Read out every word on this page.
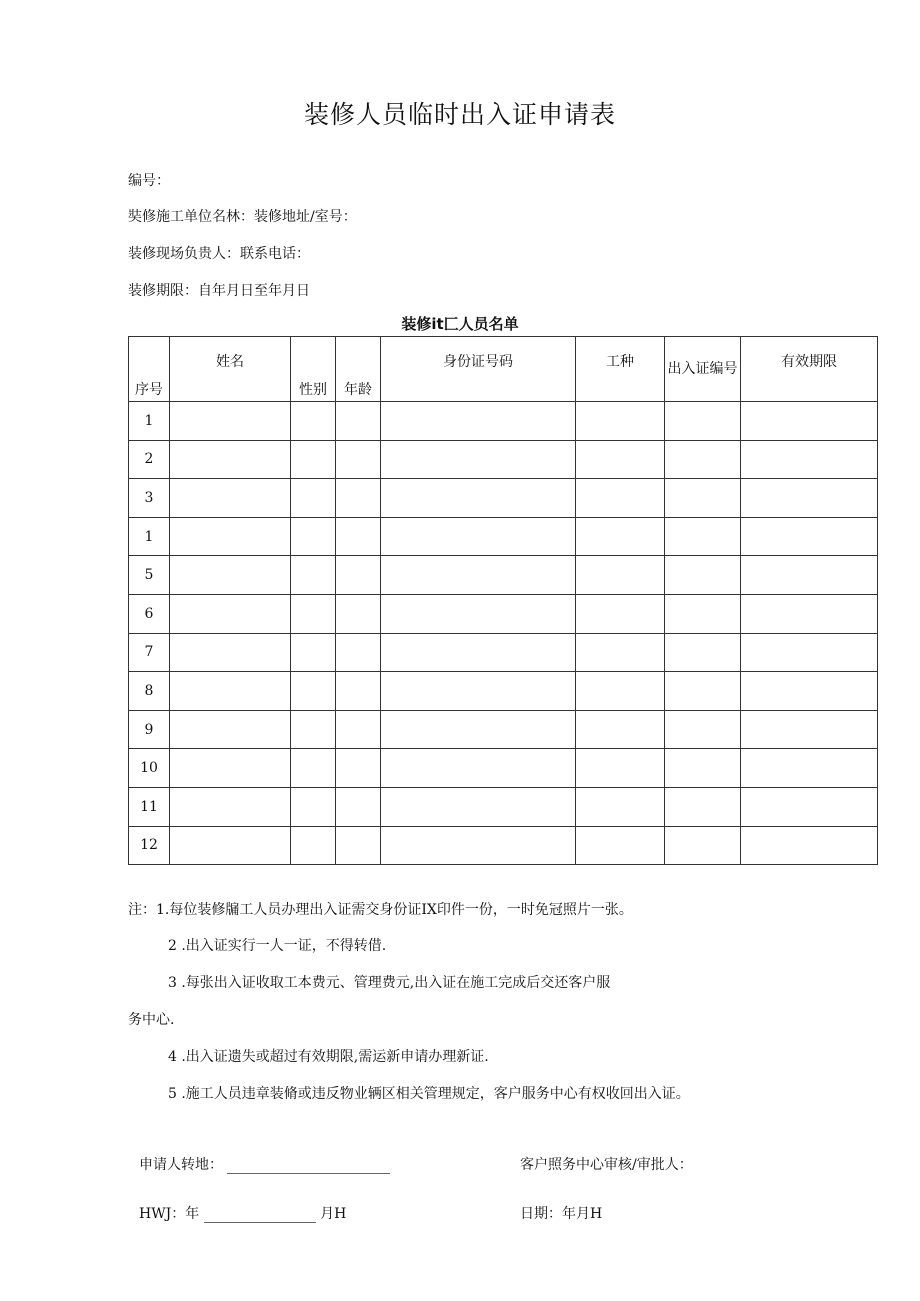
装修人员临时出入证申请表
编号：
奘修施工单位名林：装修地址/室号：
装修现场负贵人：联系电话：
装修期限：自年月日至年月日
装修it匚人员名单
序号	姓名	性别	年龄	身份证号码	工种	出入证编号	有效期限
1							
2							
3							
1							
5							
6							
7							
8							
9							
10							
11							
12							
注：1.每位装修牖工人员办理出入证需交身份证IX印件一份，一时免冠照片一张。
2 .出入证实行一人一证，不得转借.
3 .每张出入证收取工本费元、管理费元,出入证在施工完成后交还客户服
务中心.
4 .出入证遗失或超过有效期限,需运新申请办理新证.
5 .施工人员违章装脩或违反物业辆区相关管理规定，客户服务中心有权收回出入证。
申请人转地：	客户照务中心审核/审批人：
HWJ：年	月H	日期：年月H
